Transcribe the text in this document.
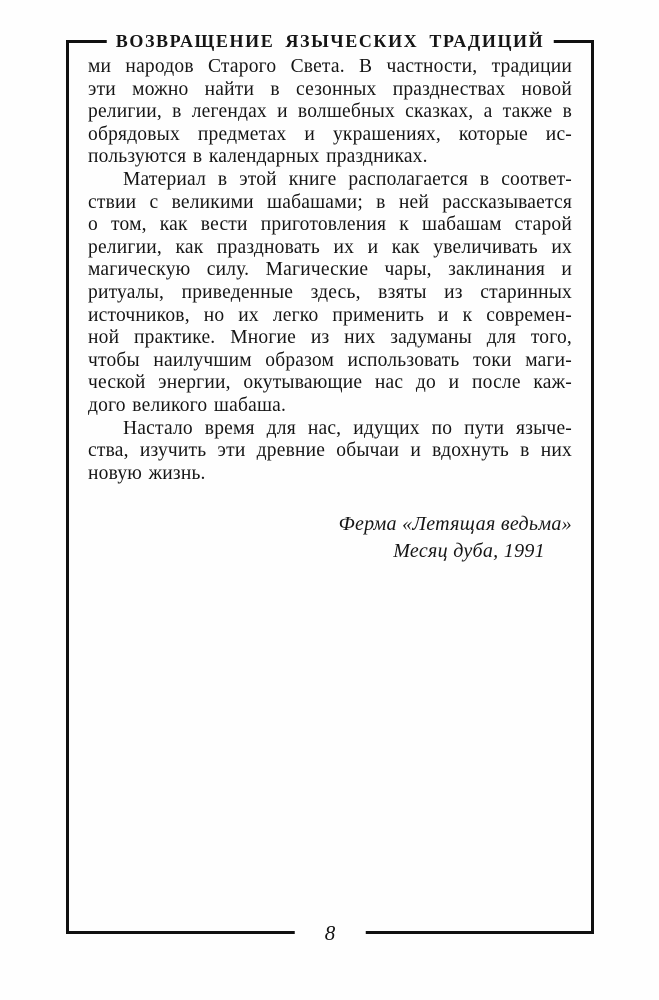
ВОЗВРАЩЕНИЕ ЯЗЫЧЕСКИХ ТРАДИЦИЙ
ми народов Старого Света. В частности, традиции
эти можно найти в сезонных празднествах новой
религии, в легендах и волшебных сказках, а также в
обрядовых предметах и украшениях, которые ис-
пользуются в календарных праздниках.
Материал в этой книге располагается в соответ-
ствии с великими шабашами; в ней рассказывается
о том, как вести приготовления к шабашам старой
религии, как праздновать их и как увеличивать их
магическую силу. Магические чары, заклинания и
ритуалы, приведенные здесь, взяты из старинных
источников, но их легко применить и к современ-
ной практике. Многие из них задуманы для того,
чтобы наилучшим образом использовать токи маги-
ческой энергии, окутывающие нас до и после каж-
дого великого шабаша.
Настало время для нас, идущих по пути языче-
ства, изучить эти древние обычаи и вдохнуть в них
новую жизнь.
Ферма «Летящая ведьма»
Месяц дуба, 1991
8
